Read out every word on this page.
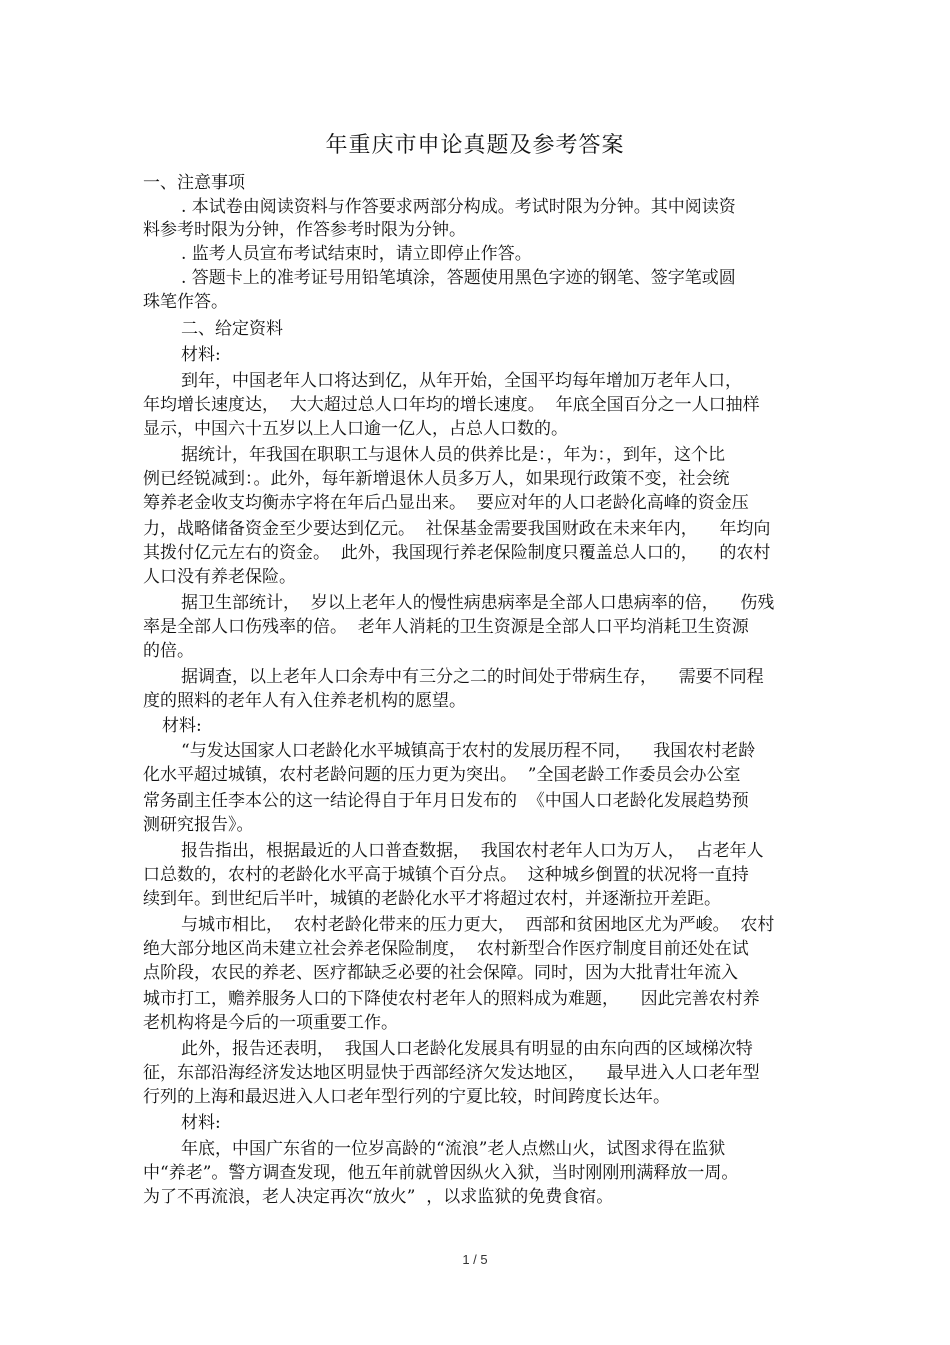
年重庆市申论真题及参考答案
一、注意事项
. 本试卷由阅读资料与作答要求两部分构成。考试时限为分钟。其中阅读资
料参考时限为分钟，作答参考时限为分钟。
. 监考人员宣布考试结束时，请立即停止作答。
. 答题卡上的准考证号用铅笔填涂，答题使用黑色字迹的钢笔、签字笔或圆
珠笔作答。
二、给定资料
材料:
到年，中国老年人口将达到亿，从年开始，全国平均每年增加万老年人口，
年均增长速度达，  大大超过总人口年均的增长速度。  年底全国百分之一人口抽样
显示，中国六十五岁以上人口逾一亿人，占总人口数的。
据统计，年我国在职职工与退休人员的供养比是：，年为：，到年，这个比
例已经锐减到：。此外，每年新增退休人员多万人，如果现行政策不变，社会统
筹养老金收支均衡赤字将在年后凸显出来。  要应对年的人口老龄化高峰的资金压
力，战略储备资金至少要达到亿元。  社保基金需要我国财政在未来年内，    年均向
其拨付亿元左右的资金。  此外，我国现行养老保险制度只覆盖总人口的，    的农村
人口没有养老保险。
据卫生部统计，  岁以上老年人的慢性病患病率是全部人口患病率的倍，    伤残
率是全部人口伤残率的倍。  老年人消耗的卫生资源是全部人口平均消耗卫生资源
的倍。
据调查，以上老年人口余寿中有三分之二的时间处于带病生存，    需要不同程
度的照料的老年人有入住养老机构的愿望。
材料:
“与发达国家人口老龄化水平城镇高于农村的发展历程不同，    我国农村老龄
化水平超过城镇，农村老龄问题的压力更为突出。  ”全国老龄工作委员会办公室
常务副主任李本公的这一结论得自于年月日发布的  《中国人口老龄化发展趋势预
测研究报告》。
报告指出，根据最近的人口普查数据，  我国农村老年人口为万人，  占老年人
口总数的，农村的老龄化水平高于城镇个百分点。  这种城乡倒置的状况将一直持
续到年。到世纪后半叶，城镇的老龄化水平才将超过农村，并逐渐拉开差距。
与城市相比，  农村老龄化带来的压力更大，  西部和贫困地区尤为严峻。  农村
绝大部分地区尚未建立社会养老保险制度，  农村新型合作医疗制度目前还处在试
点阶段，农民的养老、医疗都缺乏必要的社会保障。同时，因为大批青壮年流入
城市打工，赡养服务人口的下降使农村老年人的照料成为难题，    因此完善农村养
老机构将是今后的一项重要工作。
此外，报告还表明，  我国人口老龄化发展具有明显的由东向西的区域梯次特
征，东部沿海经济发达地区明显快于西部经济欠发达地区，    最早进入人口老年型
行列的上海和最迟进入人口老年型行列的宁夏比较，时间跨度长达年。
材料:
年底，中国广东省的一位岁高龄的“流浪”老人点燃山火，试图求得在监狱
中“养老”。警方调查发现，他五年前就曾因纵火入狱，当时刚刚刑满释放一周。
为了不再流浪，老人决定再次“放火”  ，以求监狱的免费食宿。
1 / 5
